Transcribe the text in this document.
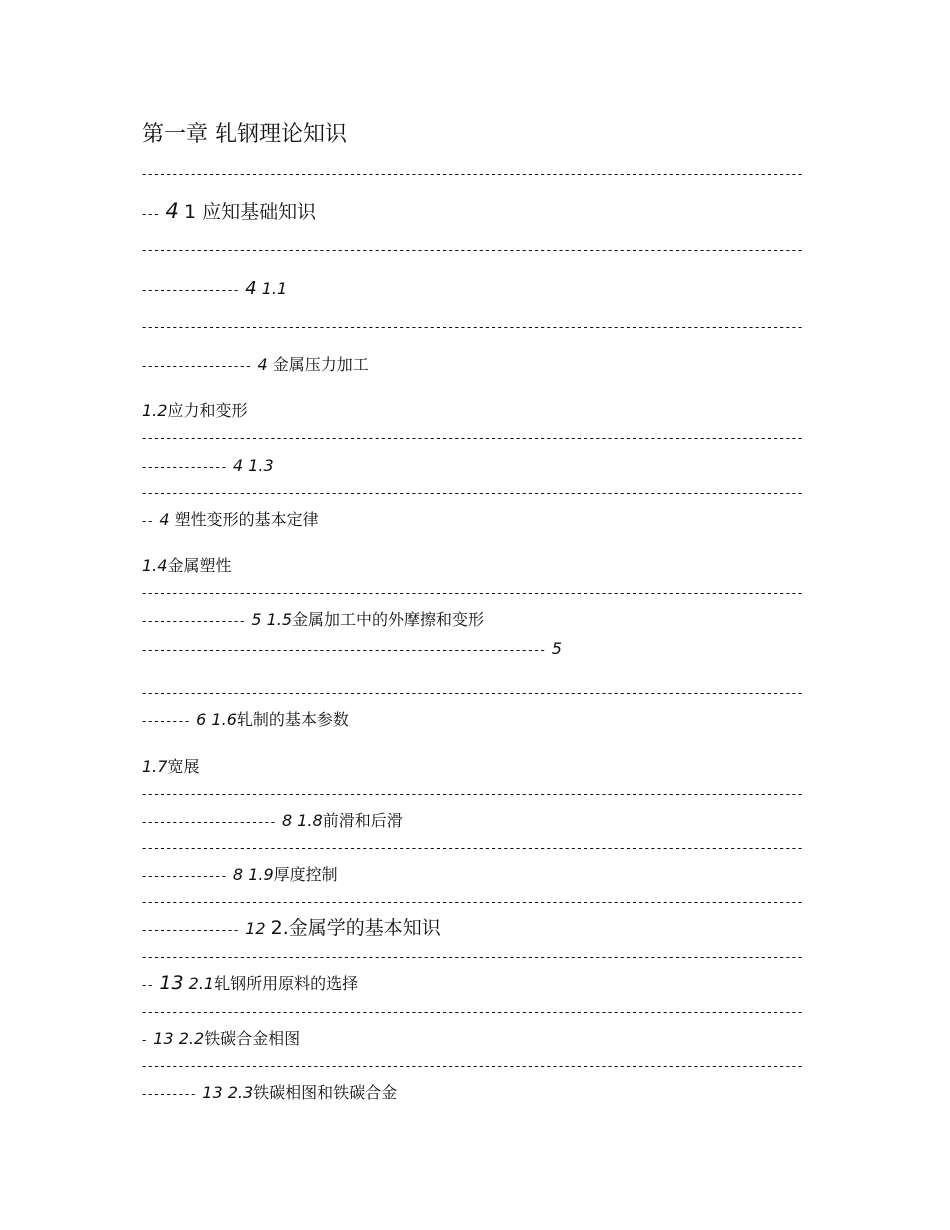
第一章 轧钢理论知识
------------------------------------------------------------------------------------------------------------
--- 4 1 应知基础知识
------------------------------------------------------------------------------------------------------------
---------------- 4 1.1
------------------------------------------------------------------------------------------------------------
------------------ 4 金属压力加工
1.2应力和变形
------------------------------------------------------------------------------------------------------------
-------------- 4 1.3
------------------------------------------------------------------------------------------------------------
-- 4 塑性变形的基本定律
1.4金属塑性
------------------------------------------------------------------------------------------------------------
----------------- 5 1.5金属加工中的外摩擦和变形
------------------------------------------------------------------ 5
------------------------------------------------------------------------------------------------------------
-------- 6 1.6轧制的基本参数
1.7宽展
------------------------------------------------------------------------------------------------------------
---------------------- 8 1.8前滑和后滑
------------------------------------------------------------------------------------------------------------
-------------- 8 1.9厚度控制
------------------------------------------------------------------------------------------------------------
---------------- 12 2.金属学的基本知识
------------------------------------------------------------------------------------------------------------
-- 13 2.1轧钢所用原料的选择
------------------------------------------------------------------------------------------------------------
- 13 2.2铁碳合金相图
------------------------------------------------------------------------------------------------------------
--------- 13 2.3铁碳相图和铁碳合金
